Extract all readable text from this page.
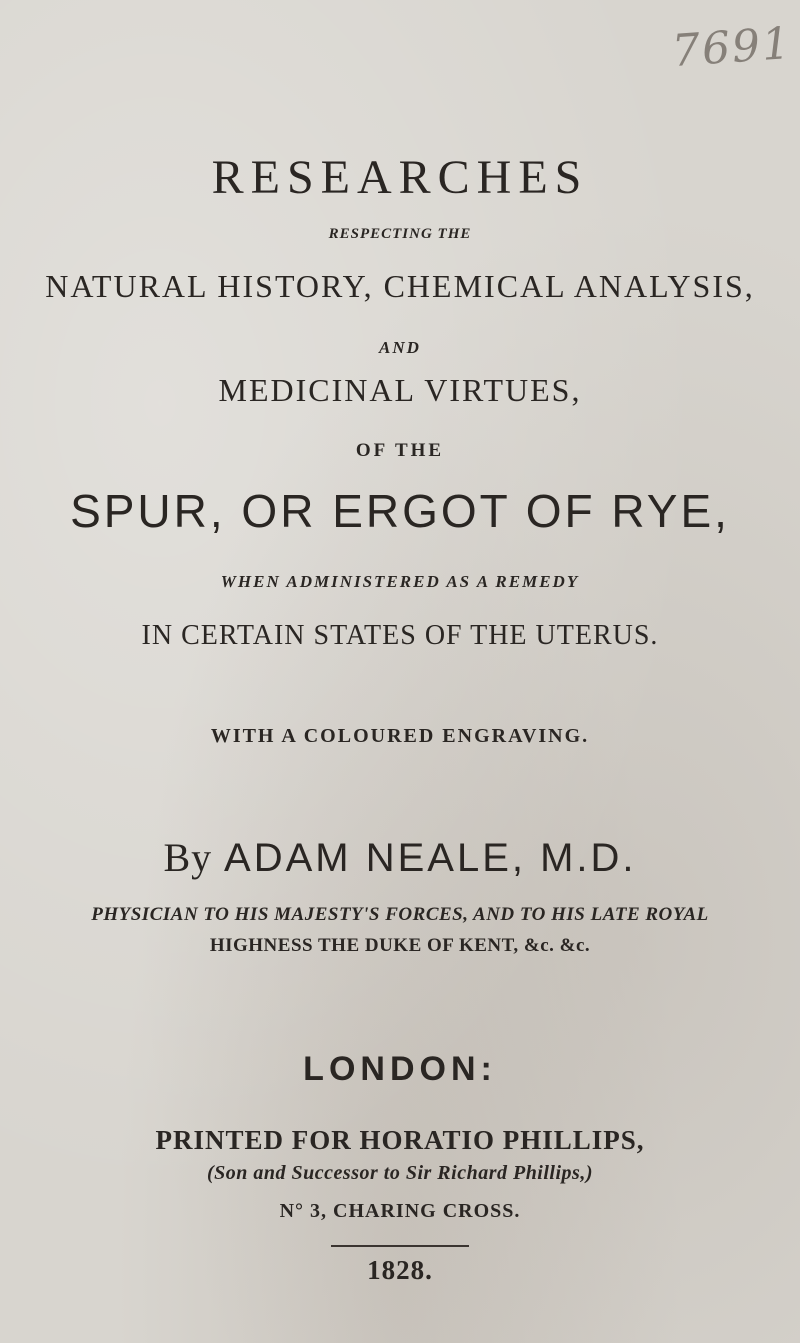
7691
RESEARCHES
RESPECTING THE
NATURAL HISTORY, CHEMICAL ANALYSIS,
AND
MEDICINAL VIRTUES,
OF THE
SPUR, OR ERGOT OF RYE,
WHEN ADMINISTERED AS A REMEDY
IN CERTAIN STATES OF THE UTERUS.
WITH A COLOURED ENGRAVING.
By ADAM NEALE, M.D.
PHYSICIAN TO HIS MAJESTY'S FORCES, AND TO HIS LATE ROYAL
HIGHNESS THE DUKE OF KENT, &c. &c.
LONDON:
PRINTED FOR HORATIO PHILLIPS,
(Son and Successor to Sir Richard Phillips,)
N° 3, CHARING CROSS.
1828.
